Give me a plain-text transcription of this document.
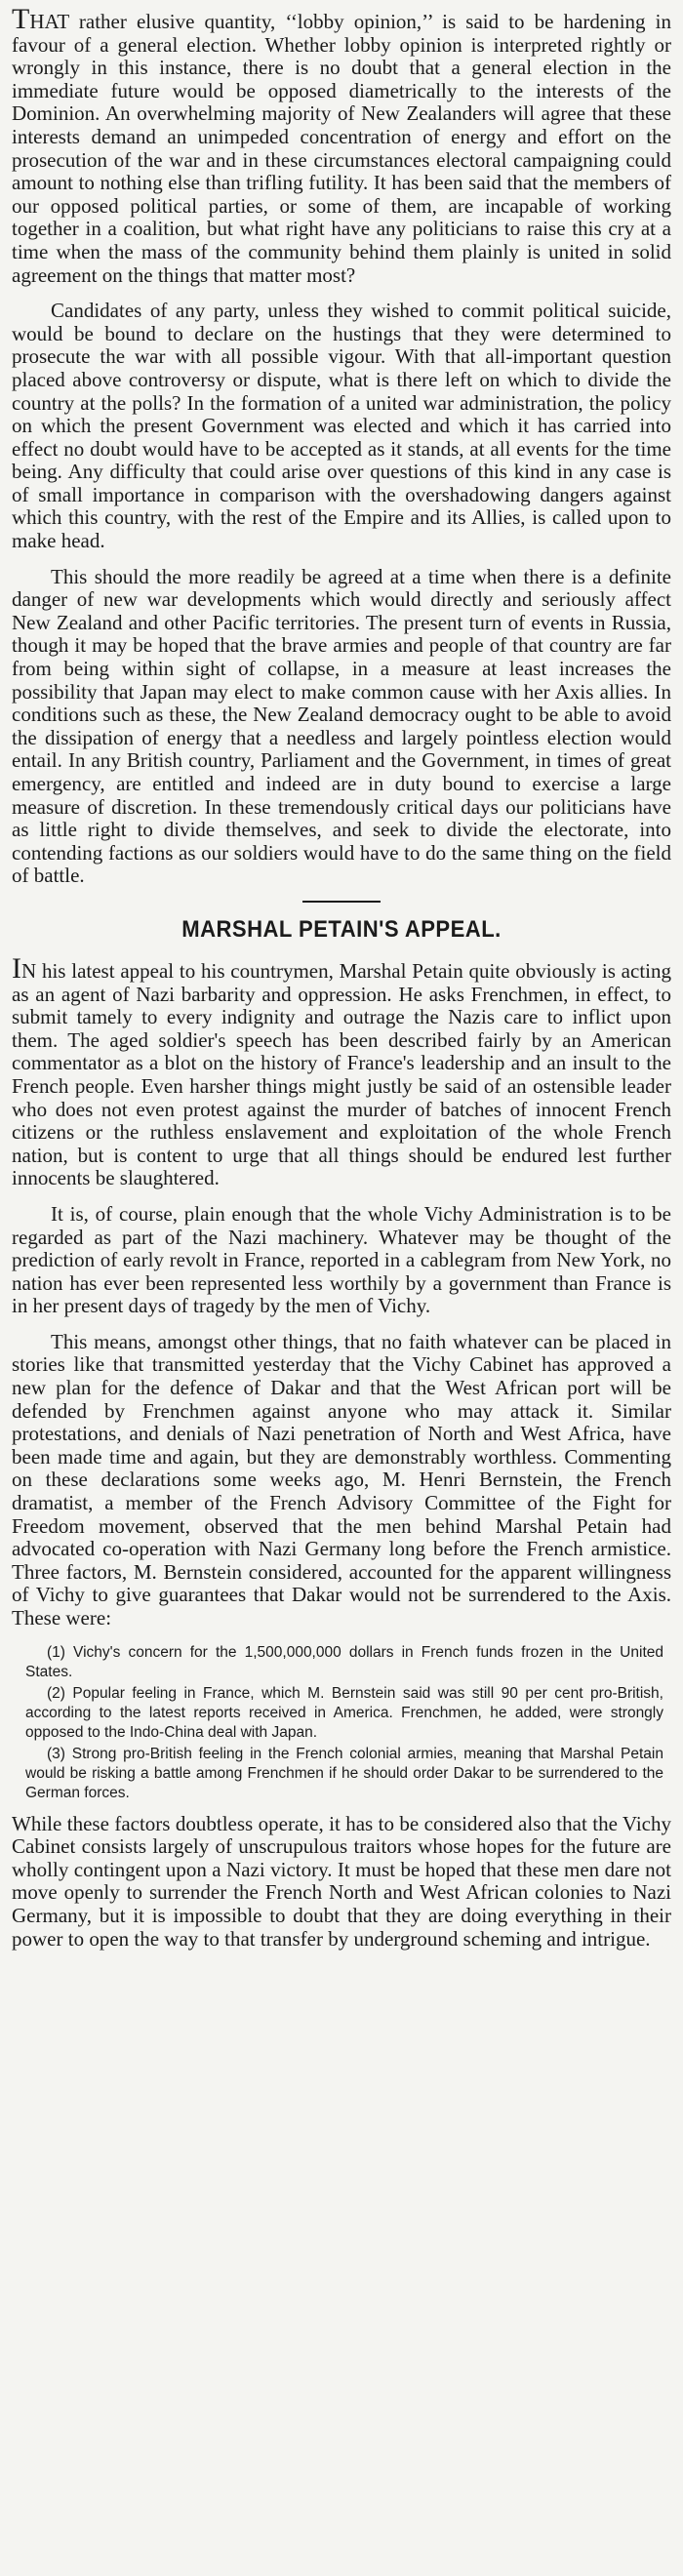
THAT rather elusive quantity, ‘‘lobby opinion,’’ is said to be hardening in favour of a general election. Whether lobby opinion is interpreted rightly or wrongly in this instance, there is no doubt that a general election in the immediate future would be opposed diametrically to the interests of the Dominion. An overwhelming majority of New Zealanders will agree that these interests demand an unimpeded concentration of energy and effort on the prosecution of the war and in these circumstances electoral campaigning could amount to nothing else than trifling futility. It has been said that the members of our opposed political parties, or some of them, are incapable of working together in a coalition, but what right have any politicians to raise this cry at a time when the mass of the community behind them plainly is united in solid agreement on the things that matter most?

Candidates of any party, unless they wished to commit political suicide, would be bound to declare on the hustings that they were determined to prosecute the war with all possible vigour. With that all-important question placed above controversy or dispute, what is there left on which to divide the country at the polls? In the formation of a united war administration, the policy on which the present Government was elected and which it has carried into effect no doubt would have to be accepted as it stands, at all events for the time being. Any difficulty that could arise over questions of this kind in any case is of small importance in comparison with the overshadowing dangers against which this country, with the rest of the Empire and its Allies, is called upon to make head.

This should the more readily be agreed at a time when there is a definite danger of new war developments which would directly and seriously affect New Zealand and other Pacific territories. The present turn of events in Russia, though it may be hoped that the brave armies and people of that country are far from being within sight of collapse, in a measure at least increases the possibility that Japan may elect to make common cause with her Axis allies. In conditions such as these, the New Zealand democracy ought to be able to avoid the dissipation of energy that a needless and largely pointless election would entail. In any British country, Parliament and the Government, in times of great emergency, are entitled and indeed are in duty bound to exercise a large measure of discretion. In these tremendously critical days our politicians have as little right to divide themselves, and seek to divide the electorate, into contending factions as our soldiers would have to do the same thing on the field of battle.

MARSHAL PETAIN'S APPEAL.

IN his latest appeal to his countrymen, Marshal Petain quite obviously is acting as an agent of Nazi barbarity and oppression. He asks Frenchmen, in effect, to submit tamely to every indignity and outrage the Nazis care to inflict upon them. The aged soldier's speech has been described fairly by an American commentator as a blot on the history of France's leadership and an insult to the French people. Even harsher things might justly be said of an ostensible leader who does not even protest against the murder of batches of innocent French citizens or the ruthless enslavement and exploitation of the whole French nation, but is content to urge that all things should be endured lest further innocents be slaughtered.

It is, of course, plain enough that the whole Vichy Administration is to be regarded as part of the Nazi machinery. Whatever may be thought of the prediction of early revolt in France, reported in a cablegram from New York, no nation has ever been represented less worthily by a government than France is in her present days of tragedy by the men of Vichy.

This means, amongst other things, that no faith whatever can be placed in stories like that transmitted yesterday that the Vichy Cabinet has approved a new plan for the defence of Dakar and that the West African port will be defended by Frenchmen against anyone who may attack it. Similar protestations, and denials of Nazi penetration of North and West Africa, have been made time and again, but they are demonstrably worthless. Commenting on these declarations some weeks ago, M. Henri Bernstein, the French dramatist, a member of the French Advisory Committee of the Fight for Freedom movement, observed that the men behind Marshal Petain had advocated co-operation with Nazi Germany long before the French armistice. Three factors, M. Bernstein considered, accounted for the apparent willingness of Vichy to give guarantees that Dakar would not be surrendered to the Axis. These were:

(1) Vichy's concern for the 1,500,000,000 dollars in French funds frozen in the United States.
(2) Popular feeling in France, which M. Bernstein said was still 90 per cent pro-British, according to the latest reports received in America. Frenchmen, he added, were strongly opposed to the Indo-China deal with Japan.
(3) Strong pro-British feeling in the French colonial armies, meaning that Marshal Petain would be risking a battle among Frenchmen if he should order Dakar to be surrendered to the German forces.

While these factors doubtless operate, it has to be considered also that the Vichy Cabinet consists largely of unscrupulous traitors whose hopes for the future are wholly contingent upon a Nazi victory. It must be hoped that these men dare not move openly to surrender the French North and West African colonies to Nazi Germany, but it is impossible to doubt that they are doing everything in their power to open the way to that transfer by underground scheming and intrigue.
